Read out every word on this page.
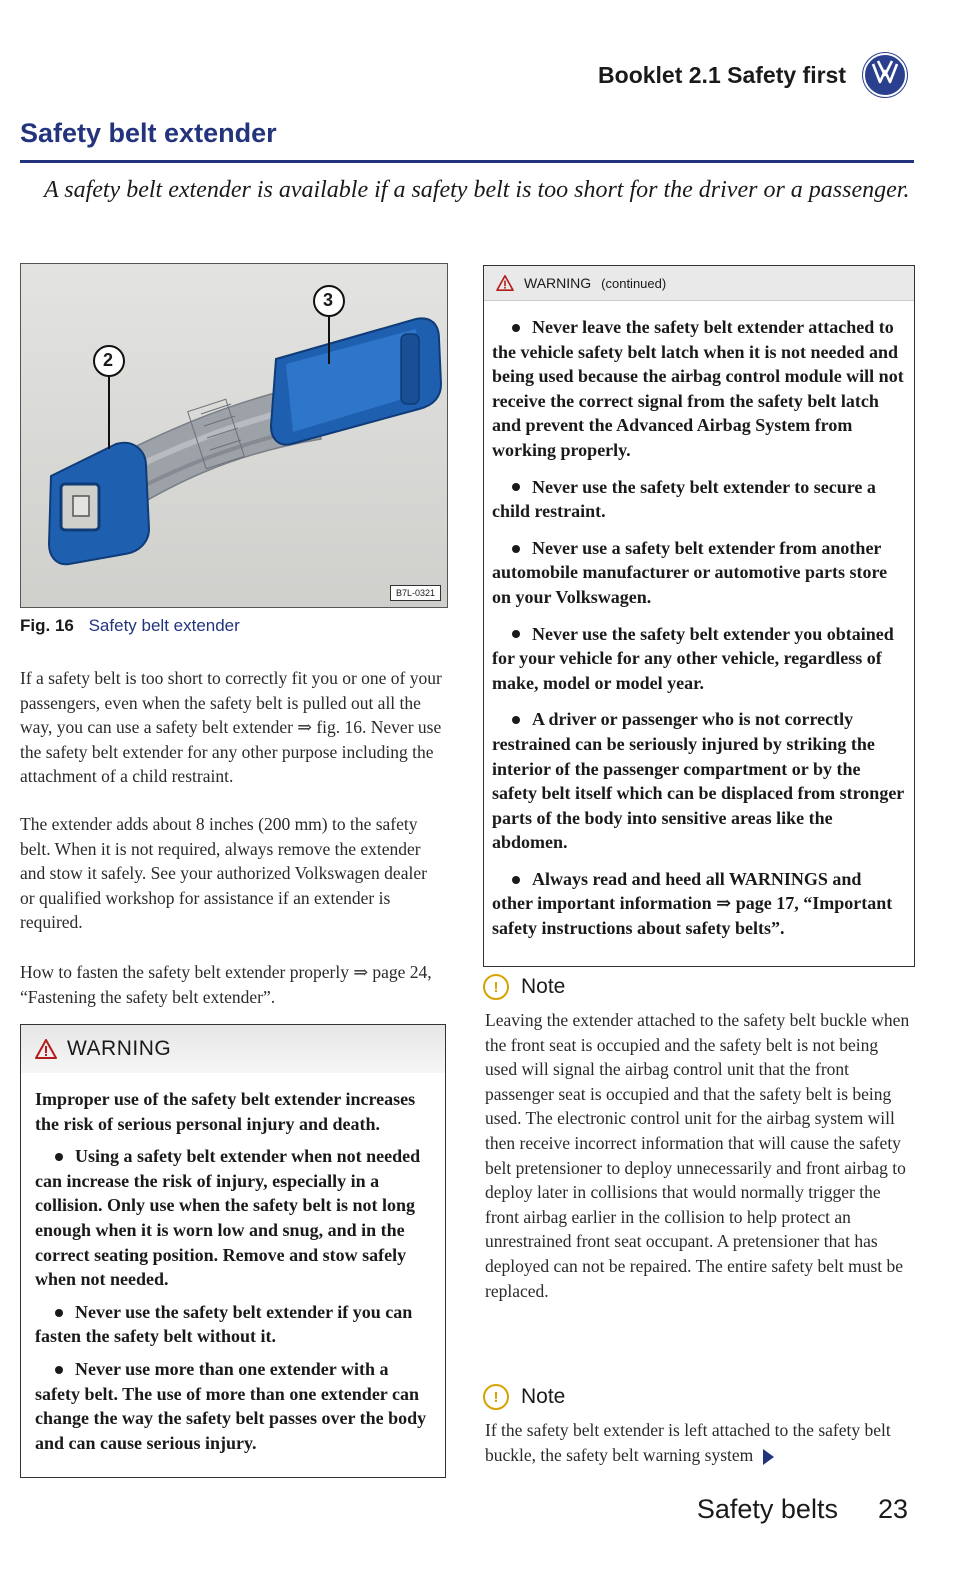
Booklet 2.1 Safety first
Safety belt extender
A safety belt extender is available if a safety belt is too short for the driver or a passenger.
2
3
B7L-0321
Fig. 16 Safety belt extender

If a safety belt is too short to correctly fit you or one of your passengers, even when the safety belt is pulled out all the way, you can use a safety belt extender ⇒ fig. 16. Never use the safety belt extender for any other purpose including the attachment of a child restraint.

The extender adds about 8 inches (200 mm) to the safety belt. When it is not required, always remove the extender and stow it safely. See your authorized Volkswagen dealer or qualified workshop for assistance if an extender is required.

How to fasten the safety belt extender properly ⇒ page 24, “Fastening the safety belt extender”.

WARNING

Improper use of the safety belt extender increases the risk of serious personal injury and death.

Using a safety belt extender when not needed can increase the risk of injury, especially in a collision. Only use when the safety belt is not long enough when it is worn low and snug, and in the correct seating position. Remove and stow safely when not needed.

Never use the safety belt extender if you can fasten the safety belt without it.

Never use more than one extender with a safety belt. The use of more than one extender can change the way the safety belt passes over the body and can cause serious injury.

WARNING (continued)

Never leave the safety belt extender attached to the vehicle safety belt latch when it is not needed and being used because the airbag control module will not receive the correct signal from the safety belt latch and prevent the Advanced Airbag System from working properly.

Never use the safety belt extender to secure a child restraint.

Never use a safety belt extender from another automobile manufacturer or automotive parts store on your Volkswagen.

Never use the safety belt extender you obtained for your vehicle for any other vehicle, regardless of make, model or model year.

A driver or passenger who is not correctly restrained can be seriously injured by striking the interior of the passenger compartment or by the safety belt itself which can be displaced from stronger parts of the body into sensitive areas like the abdomen.

Always read and heed all WARNINGS and other important information ⇒ page 17, “Important safety instructions about safety belts”.

!	Note
Leaving the extender attached to the safety belt buckle when the front seat is occupied and the safety belt is not being used will signal the airbag control unit that the front passenger seat is occupied and that the safety belt is being used. The electronic control unit for the airbag system will then receive incorrect information that will cause the safety belt pretensioner to deploy unnecessarily and front airbag to deploy later in collisions that would normally trigger the front airbag earlier in the collision to help protect an unrestrained front seat occupant. A pretensioner that has deployed can not be repaired. The entire safety belt must be replaced.
!	Note
If the safety belt extender is left attached to the safety belt buckle, the safety belt warning system
Safety belts 23
